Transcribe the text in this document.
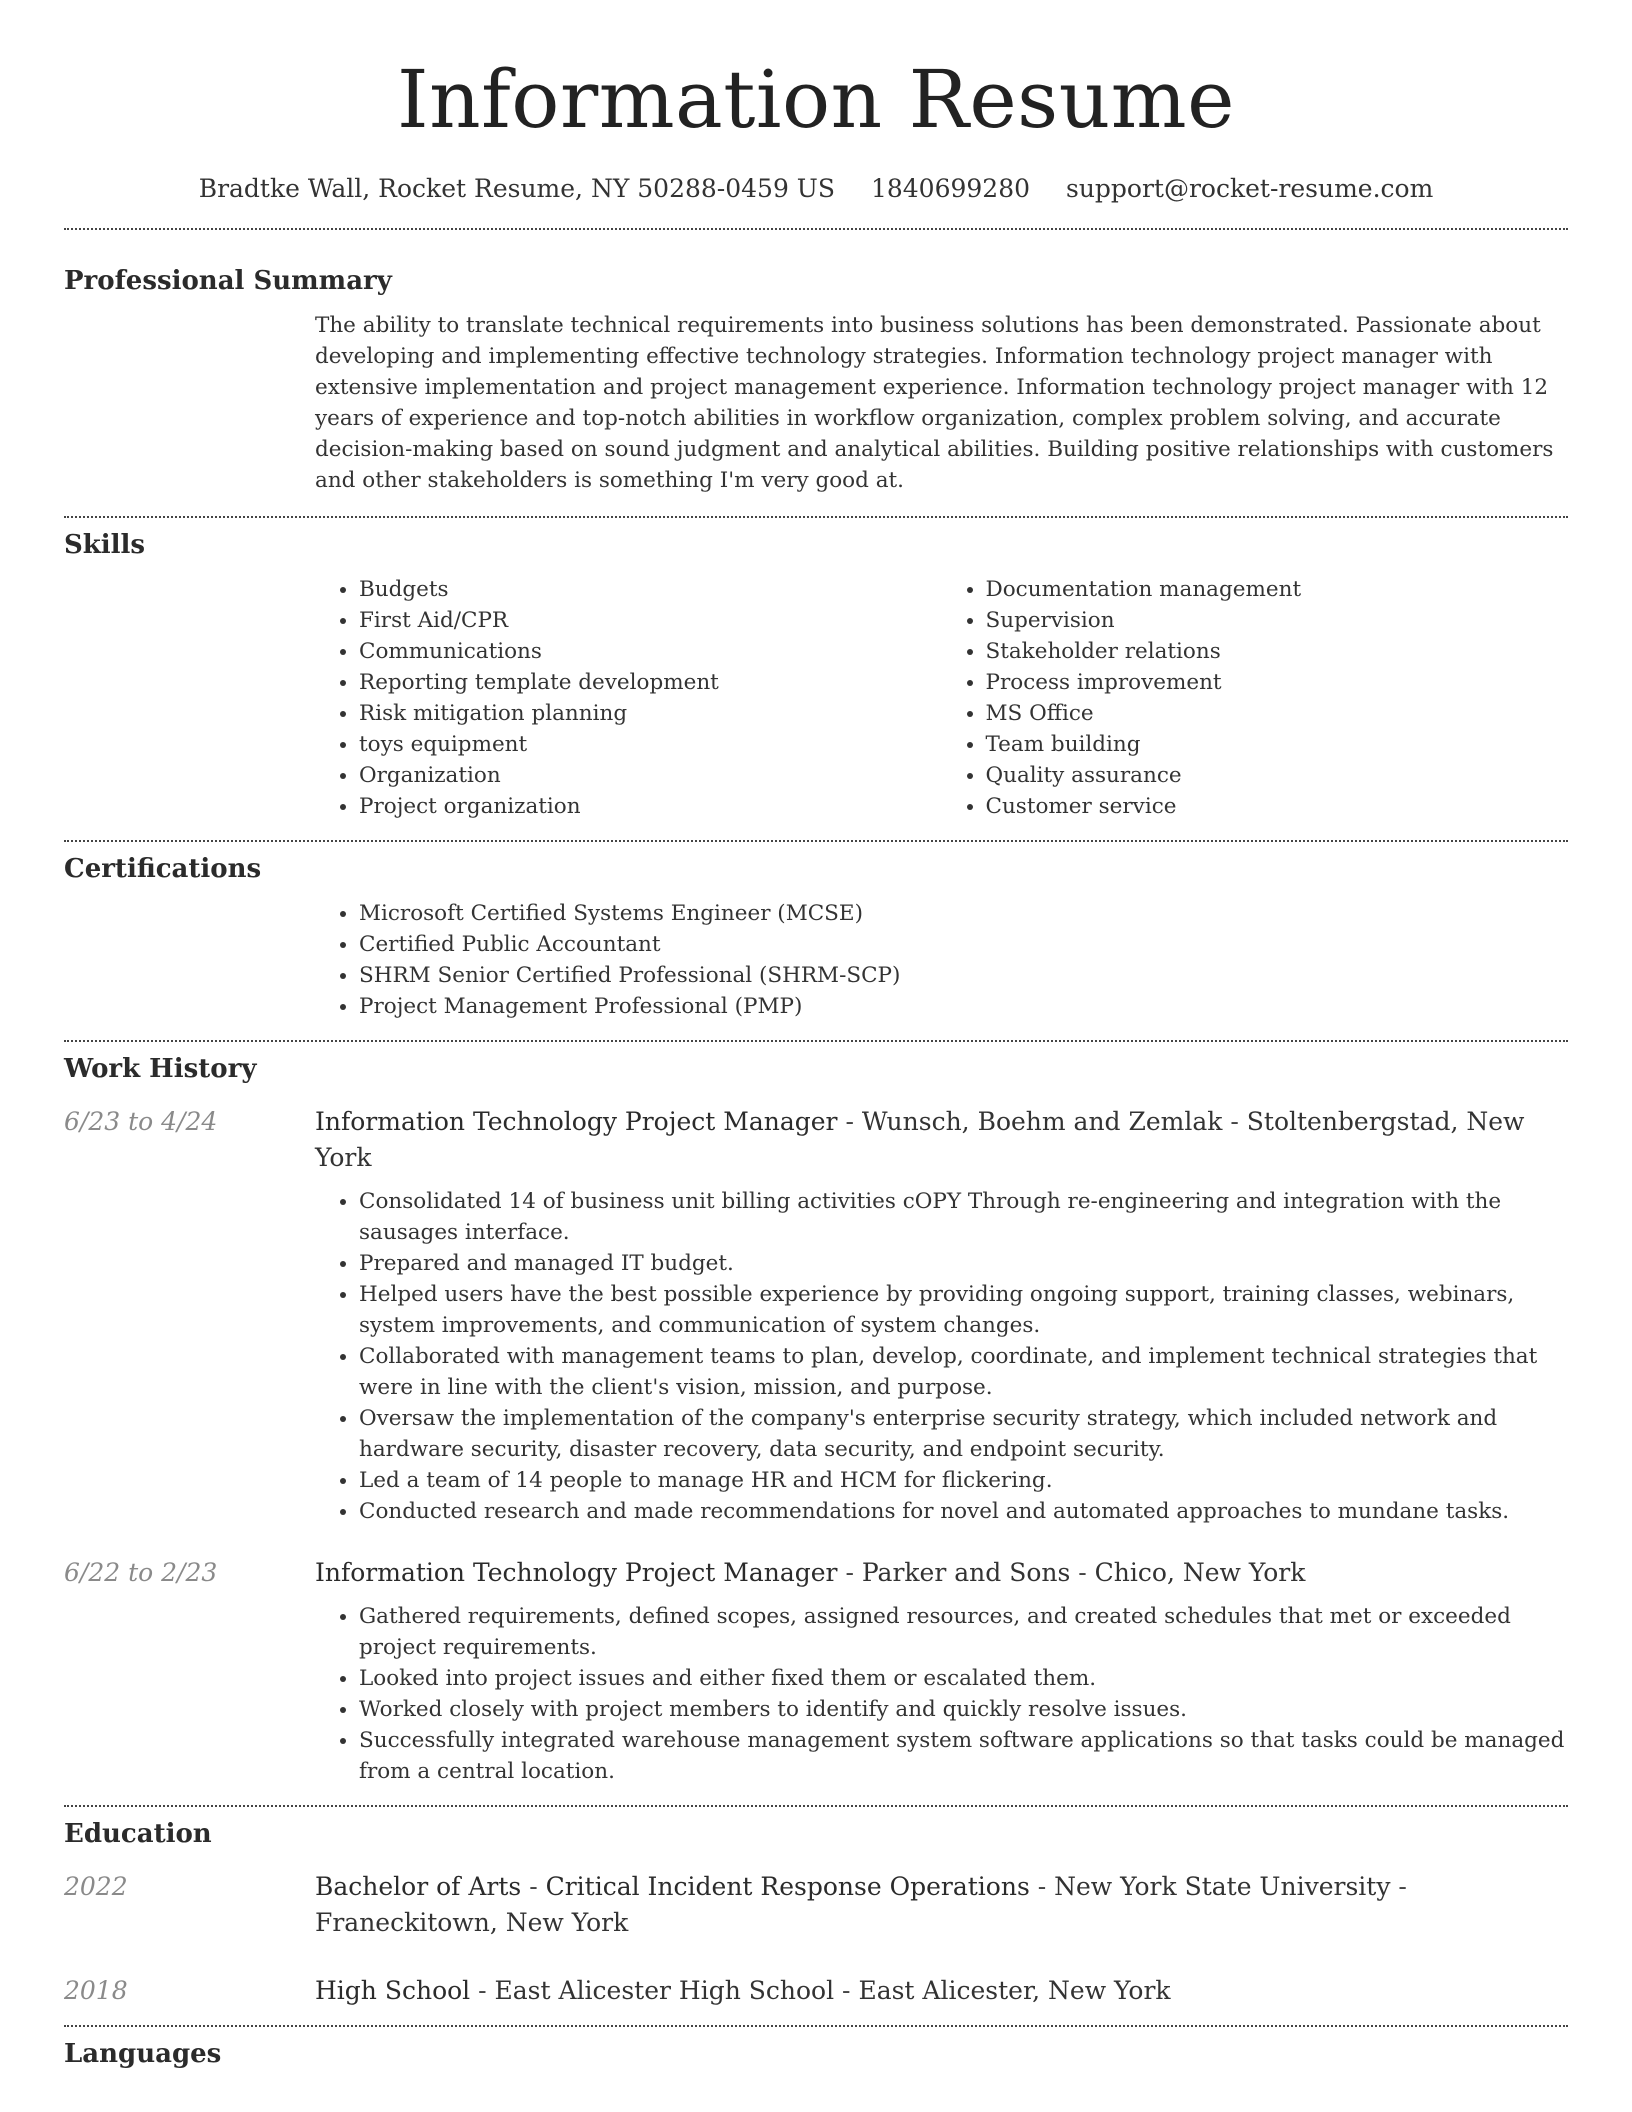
Information Resume
Bradtke Wall, Rocket Resume, NY 50288-0459 US 1840699280 support@rocket-resume.com
Professional Summary
The ability to translate technical requirements into business solutions has been demonstrated. Passionate about developing and implementing effective technology strategies. Information technology project manager with extensive implementation and project management experience. Information technology project manager with 12 years of experience and top-notch abilities in workflow organization, complex problem solving, and accurate decision-making based on sound judgment and analytical abilities. Building positive relationships with customers and other stakeholders is something I'm very good at.
Skills
• Budgets
• First Aid/CPR
• Communications
• Reporting template development
• Risk mitigation planning
• toys equipment
• Organization
• Project organization
• Documentation management
• Supervision
• Stakeholder relations
• Process improvement
• MS Office
• Team building
• Quality assurance
• Customer service
Certifications
• Microsoft Certified Systems Engineer (MCSE)
• Certified Public Accountant
• SHRM Senior Certified Professional (SHRM-SCP)
• Project Management Professional (PMP)
Work History
6/23 to 4/24	Information Technology Project Manager - Wunsch, Boehm and Zemlak - Stoltenbergstad, New York
• Consolidated 14 of business unit billing activities cOPY Through re-engineering and integration with the sausages interface.
• Prepared and managed IT budget.
• Helped users have the best possible experience by providing ongoing support, training classes, webinars, system improvements, and communication of system changes.
• Collaborated with management teams to plan, develop, coordinate, and implement technical strategies that were in line with the client's vision, mission, and purpose.
• Oversaw the implementation of the company's enterprise security strategy, which included network and hardware security, disaster recovery, data security, and endpoint security.
• Led a team of 14 people to manage HR and HCM for flickering.
• Conducted research and made recommendations for novel and automated approaches to mundane tasks.
6/22 to 2/23	Information Technology Project Manager - Parker and Sons - Chico, New York
• Gathered requirements, defined scopes, assigned resources, and created schedules that met or exceeded project requirements.
• Looked into project issues and either fixed them or escalated them.
• Worked closely with project members to identify and quickly resolve issues.
• Successfully integrated warehouse management system software applications so that tasks could be managed from a central location.
Education
2022	Bachelor of Arts - Critical Incident Response Operations - New York State University - Franeckitown, New York
2018	High School - East Alicester High School - East Alicester, New York
Languages
